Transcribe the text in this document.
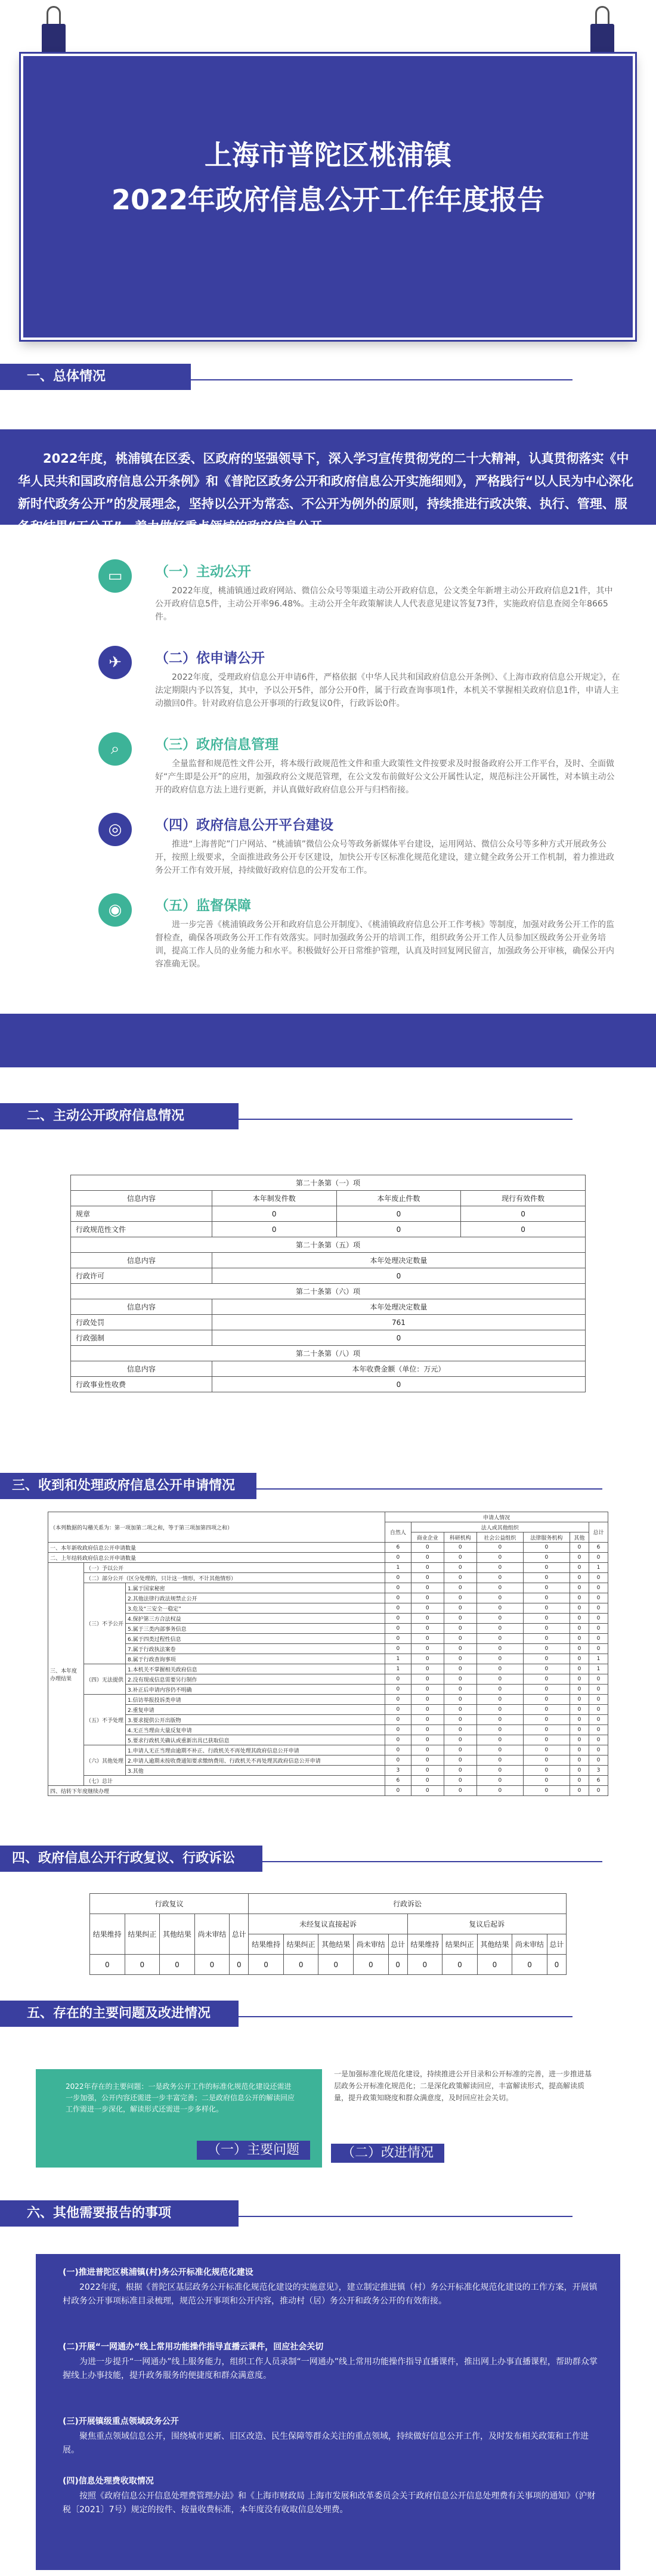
上海市普陀区桃浦镇
2022年政府信息公开工作年度报告
一、总体情况
2022年度，桃浦镇在区委、区政府的坚强领导下，深入学习宣传贯彻党的二十大精神，认真贯彻落实《中华人民共和国政府信息公开条例》和《普陀区政务公开和政府信息公开实施细则》，严格践行“以人民为中心深化新时代政务公开”的发展理念，坚持以公开为常态、不公开为例外的原则，持续推进行政决策、执行、管理、服务和结果“五公开”，着力做好重点领域的政府信息公开。
▭	（一）主动公开
2022年度，桃浦镇通过政府网站、微信公众号等渠道主动公开政府信息，公文类全年新增主动公开政府信息21件，其中公开政府信息5件，主动公开率96.48%。主动公开全年政策解读人人代表意见建议答复73件，实施政府信息查阅全年8665件。
✈	（二）依申请公开
2022年度，受理政府信息公开申请6件，严格依据《中华人民共和国政府信息公开条例》、《上海市政府信息公开规定》，在法定期限内予以答复，其中，予以公开5件，部分公开0件，属于行政查询事项1件，本机关不掌握相关政府信息1件，申请人主动撤回0件。针对政府信息公开事项的行政复议0件，行政诉讼0件。
⌕	（三）政府信息管理
全量监督和规范性文件公开，将本级行政规范性文件和重大政策性文件按要求及时报备政府公开工作平台，及时、全面做好“产生即是公开”的应用，加强政府公文规范管理，在公文发布前做好公文公开属性认定，规范标注公开属性，对本镇主动公开的政府信息方法上进行更新，并认真做好政府信息公开与归档衔接。
◎	（四）政府信息公开平台建设
推进“上海普陀”门户网站、“桃浦镇”微信公众号等政务新媒体平台建设，运用网站、微信公众号等多种方式开展政务公开，按照上级要求，全面推进政务公开专区建设，加快公开专区标准化规范化建设，建立健全政务公开工作机制，着力推进政务公开工作有效开展，持续做好政府信息的公开发布工作。
◉	（五）监督保障
进一步完善《桃浦镇政务公开和政府信息公开制度》、《桃浦镇政府信息公开工作考核》等制度，加强对政务公开工作的监督检查，确保各项政务公开工作有效落实。同时加强政务公开的培训工作，组织政务公开工作人员参加区级政务公开业务培训，提高工作人员的业务能力和水平。积极做好公开日常维护管理，认真及时回复网民留言，加强政务公开审核，确保公开内容准确无误。
二、主动公开政府信息情况
第二十条第（一）项			
信息内容	本年制发件数	本年废止件数	现行有效件数
规章	0	0	0
行政规范性文件	0	0	0
第二十条第（五）项			
信息内容	本年处理决定数量		
行政许可	0		
第二十条第（六）项			
信息内容	本年处理决定数量		
行政处罚	761		
行政强制	0		
第二十条第（八）项			
信息内容	本年收费金额（单位：万元）		
行政事业性收费	0		
三、收到和处理政府信息公开申请情况
（本列数据的勾稽关系为：第一项加第二项之和，等于第三项加第四项之和）			申请人情况						
			自然人	法人或其他组织					总计
				商业企业	科研机构	社会公益组织	法律服务机构	其他	
一、本年新收政府信息公开申请数量			6	0	0	0	0	0	6
二、上年结转政府信息公开申请数量			0	0	0	0	0	0	0
三、本年度办理结果	（一）予以公开		1	0	0	0	0	0	1
	（二）部分公开（区分处理的，只计这一情形，不计其他情形）		0	0	0	0	0	0	0
	（三）不予公开	1.属于国家秘密	0	0	0	0	0	0	0
		2.其他法律行政法规禁止公开	0	0	0	0	0	0	0
		3.危及“三安全一稳定”	0	0	0	0	0	0	0
		4.保护第三方合法权益	0	0	0	0	0	0	0
		5.属于三类内部事务信息	0	0	0	0	0	0	0
		6.属于四类过程性信息	0	0	0	0	0	0	0
		7.属于行政执法案卷	0	0	0	0	0	0	0
		8.属于行政查询事项	1	0	0	0	0	0	1
	（四）无法提供	1.本机关不掌握相关政府信息	1	0	0	0	0	0	1
		2.没有现成信息需要另行制作	0	0	0	0	0	0	0
		3.补正后申请内容仍不明确	0	0	0	0	0	0	0
	（五）不予处理	1.信访举报投诉类申请	0	0	0	0	0	0	0
		2.重复申请	0	0	0	0	0	0	0
		3.要求提供公开出版物	0	0	0	0	0	0	0
		4.无正当理由大量反复申请	0	0	0	0	0	0	0
		5.要求行政机关确认或重新出具已获取信息	0	0	0	0	0	0	0
	（六）其他处理	1.申请人无正当理由逾期不补正、行政机关不再处理其政府信息公开申请	0	0	0	0	0	0	0
		2.申请人逾期未按收费通知要求缴纳费用、行政机关不再处理其政府信息公开申请	0	0	0	0	0	0	0
		3.其他	3	0	0	0	0	0	3
	（七）总计		6	0	0	0	0	0	6
四、结转下年度继续办理			0	0	0	0	0	0	0
四、政府信息公开行政复议、行政诉讼
行政复议					行政诉讼									
结果维持	结果纠正	其他结果	尚未审结	总计	未经复议直接起诉					复议后起诉				
					结果维持	结果纠正	其他结果	尚未审结	总计	结果维持	结果纠正	其他结果	尚未审结	总计
0	0	0	0	0	0	0	0	0	0	0	0	0	0	0
五、存在的主要问题及改进情况
2022年存在的主要问题：一是政务公开工作的标准化规范化建设还需进一步加强，公开内容还需进一步丰富完善；二是政府信息公开的解读回应工作需进一步深化，解读形式还需进一步多样化。
（一）主要问题
一是加强标准化规范化建设，持续推进公开目录和公开标准的完善，进一步推进基层政务公开标准化规范化；二是深化政策解读回应，丰富解读形式，提高解读质量，提升政策知晓度和群众满意度，及时回应社会关切。
（二）改进情况
六、其他需要报告的事项
(一)推进普陀区桃浦镇(村)务公开标准化规范化建设
2022年度，根据《普陀区基层政务公开标准化规范化建设的实施意见》，建立制定推进镇（村）务公开标准化规范化建设的工作方案，开展镇村政务公开事项标准目录梳理，规范公开事项和公开内容，推动村（居）务公开和政务公开的有效衔接。
(二)开展“一网通办”线上常用功能操作指导直播云课件，回应社会关切
为进一步提升“一网通办”线上服务能力，组织工作人员录制“一网通办”线上常用功能操作指导直播课件，推出网上办事直播课程，帮助群众掌握线上办事技能，提升政务服务的便捷度和群众满意度。
(三)开展镇级重点领域政务公开
聚焦重点领域信息公开，围绕城市更新、旧区改造、民生保障等群众关注的重点领域，持续做好信息公开工作，及时发布相关政策和工作进展。
(四)信息处理费收取情况
按照《政府信息公开信息处理费管理办法》和《上海市财政局 上海市发展和改革委员会关于政府信息公开信息处理费有关事项的通知》（沪财税〔2021〕7号）规定的按件、按量收费标准，本年度没有收取信息处理费。
